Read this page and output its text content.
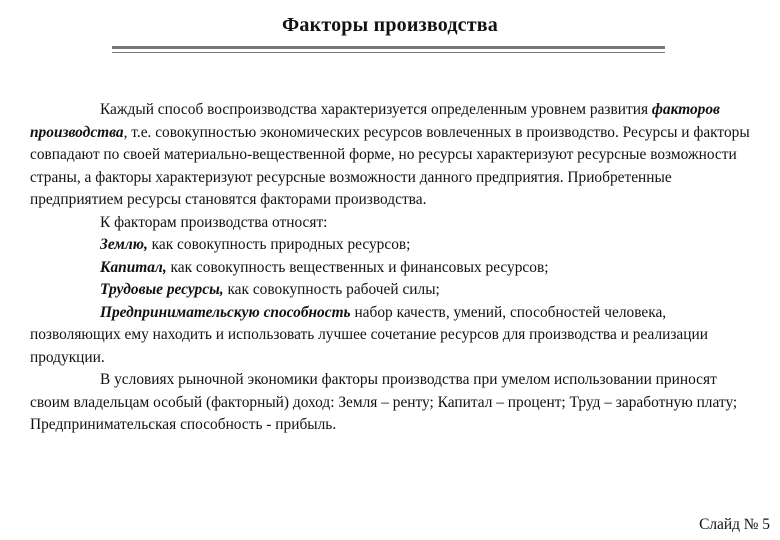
Факторы производства

Каждый способ воспроизводства характеризуется определенным уровнем развития факторов производства, т.е. совокупностью экономических ресурсов вовлеченных в производство. Ресурсы и факторы совпадают по своей материально-вещественной форме, но ресурсы характеризуют ресурсные возможности страны, а факторы характеризуют ресурсные возможности данного предприятия. Приобретенные предприятием ресурсы становятся факторами производства.

К факторам производства относят:

Землю, как совокупность природных ресурсов;

Капитал, как совокупность вещественных и финансовых ресурсов;

Трудовые ресурсы, как совокупность рабочей силы;

Предпринимательскую способность набор качеств, умений, способностей человека, позволяющих ему находить и использовать лучшее сочетание ресурсов для производства и реализации продукции.

В условиях рыночной экономики факторы производства при умелом использовании приносят своим владельцам особый (факторный) доход: Земля – ренту; Капитал – процент; Труд – заработную плату; Предпринимательская способность - прибыль.

Слайд № 5
